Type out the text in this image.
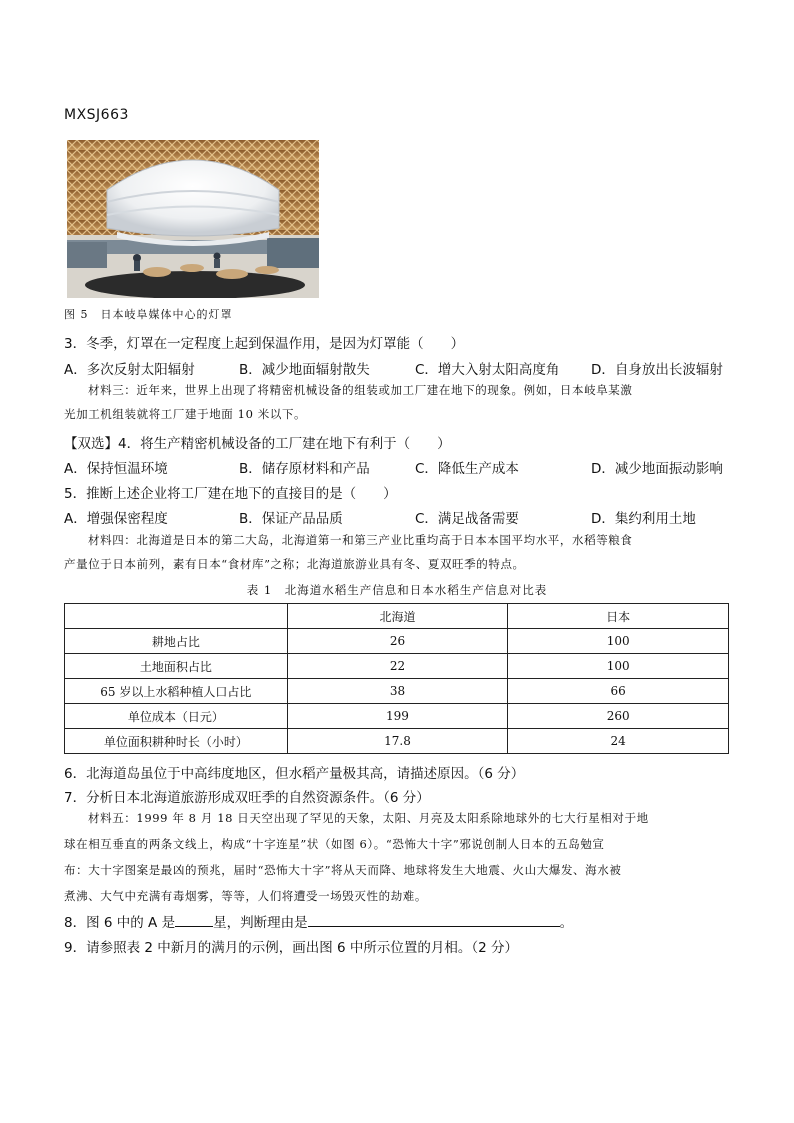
MXSJ663
图 5　日本岐阜媒体中心的灯罩
3．冬季，灯罩在一定程度上起到保温作用，是因为灯罩能（　　）
A．多次反射太阳辐射	B．减少地面辐射散失	C．增大入射太阳高度角 D．自身放出长波辐射
材料三：近年来，世界上出现了将精密机械设备的组装或加工厂建在地下的现象。例如，日本岐阜某激
光加工机组装就将工厂建于地面 10 米以下。
【双选】4．将生产精密机械设备的工厂建在地下有利于（　　）
A．保持恒温环境	B．储存原材料和产品	C．降低生产成本	D．减少地面振动影响
5．推断上述企业将工厂建在地下的直接目的是（　　）
A．增强保密程度	B．保证产品品质	C．满足战备需要	D．集约利用土地
材料四：北海道是日本的第二大岛，北海道第一和第三产业比重均高于日本本国平均水平，水稻等粮食
产量位于日本前列，素有日本“食材库”之称；北海道旅游业具有冬、夏双旺季的特点。
表 1　北海道水稻生产信息和日本水稻生产信息对比表
	北海道	日本
耕地占比	26	100
土地面积占比	22	100
65 岁以上水稻种植人口占比	38	66
单位成本（日元）	199	260
单位面积耕种时长（小时）	17.8	24
6．北海道岛虽位于中高纬度地区，但水稻产量极其高，请描述原因。（6 分）
7．分析日本北海道旅游形成双旺季的自然资源条件。（6 分）
材料五：1999 年 8 月 18 日天空出现了罕见的天象，太阳、月亮及太阳系除地球外的七大行星相对于地
球在相互垂直的两条文线上，构成“十字连星”状（如图 6）。“恐怖大十字”邪说创制人日本的五岛勉宣
布：大十字图案是最凶的预兆，届时“恐怖大十字”将从天而降、地球将发生大地震、火山大爆发、海水被
煮沸、大气中充满有毒烟雾，等等，人们将遭受一场毁灭性的劫难。
8．图 6 中的 A 是	星，判断理由是	。
9．请参照表 2 中新月的满月的示例，画出图 6 中所示位置的月相。（2 分）
